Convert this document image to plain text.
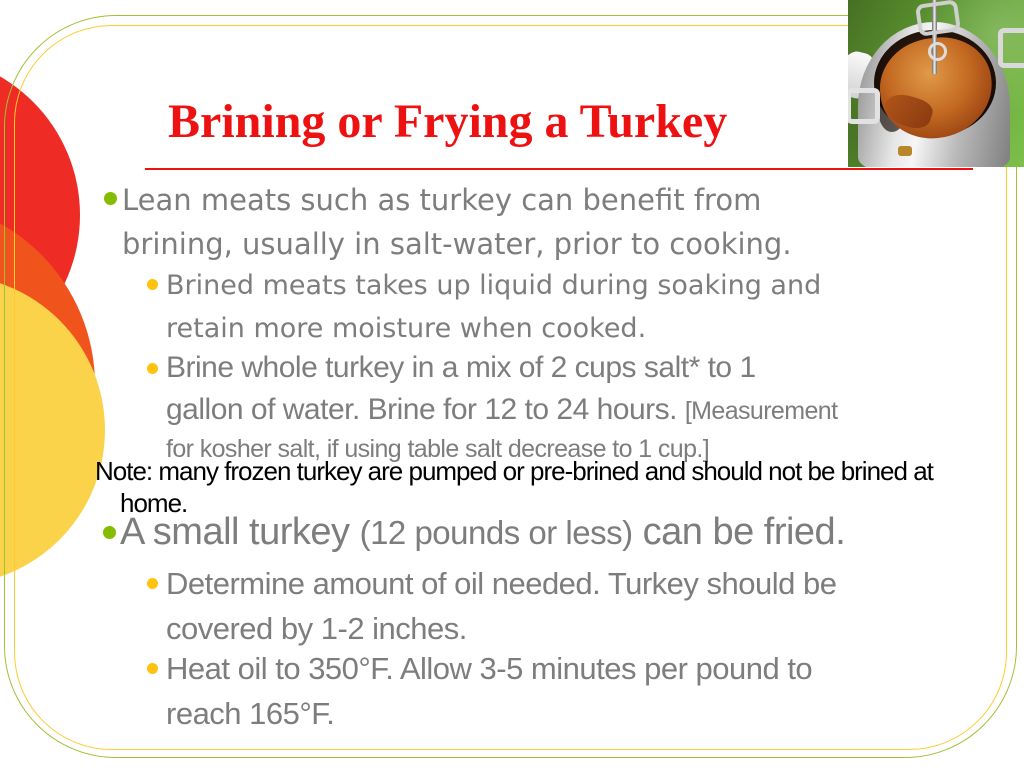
Brining or Frying a Turkey
Lean meats such as turkey can benefit from
brining, usually in salt-water, prior to cooking.
Brined meats takes up liquid during soaking and
retain more moisture when cooked.
Brine whole turkey in a mix of 2 cups salt* to 1
gallon of water. Brine for 12 to 24 hours. [Measurement
for kosher salt, if using table salt decrease to 1 cup.]
Note: many frozen turkey are pumped or pre-brined and should not be brined at
home.
A small turkey (12 pounds or less) can be fried.
Determine amount of oil needed. Turkey should be
covered by 1-2 inches.
Heat oil to 350°F. Allow 3-5 minutes per pound to
reach 165°F.
